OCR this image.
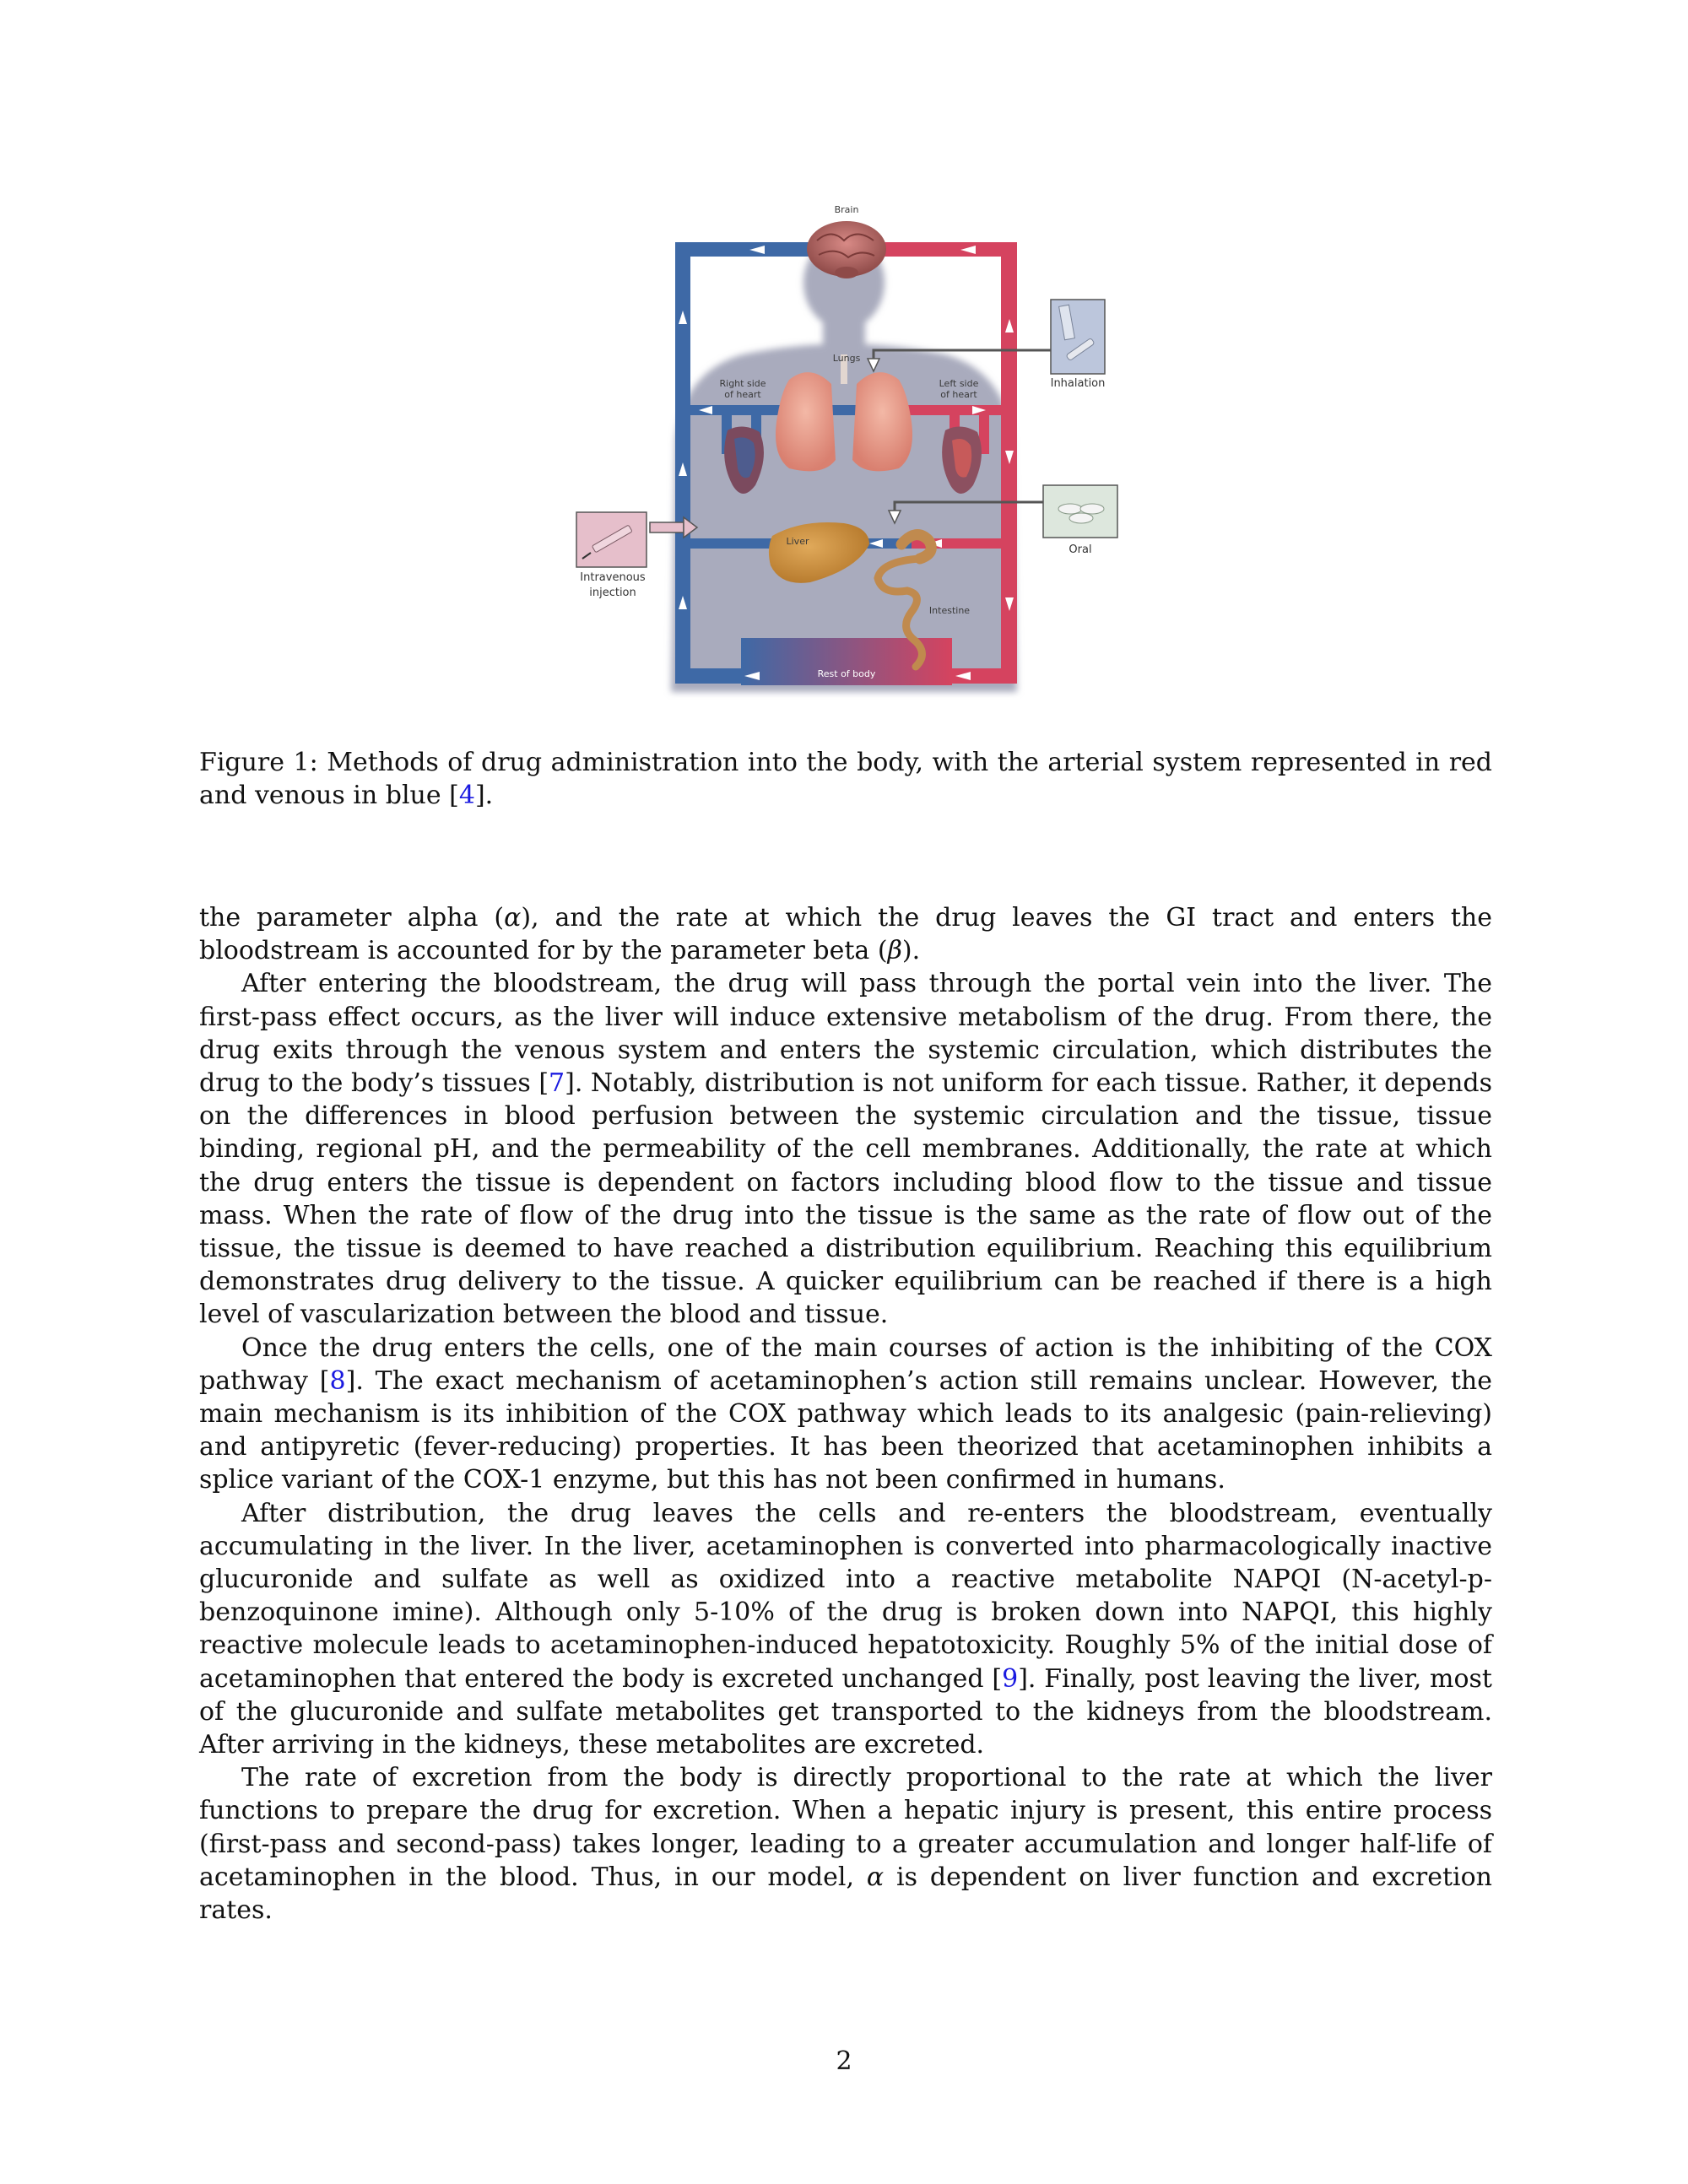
Rest of body
Brain
Lungs
Right side
of heart
Left side
of heart
Liver
Intestine
Inhalation
Oral
Intravenous
injection

Figure 1: Methods of drug administration into the body, with the arterial system represented in red and venous in blue [4].

the parameter alpha (α), and the rate at which the drug leaves the GI tract and enters the bloodstream is accounted for by the parameter beta (β).

After entering the bloodstream, the drug will pass through the portal vein into the liver. The first-pass effect occurs, as the liver will induce extensive metabolism of the drug. From there, the drug exits through the venous system and enters the systemic circulation, which distributes the drug to the body’s tissues [7]. Notably, distribution is not uniform for each tissue. Rather, it depends on the differences in blood perfusion between the systemic circulation and the tissue, tissue binding, regional pH, and the permeability of the cell membranes. Additionally, the rate at which the drug enters the tissue is dependent on factors including blood flow to the tissue and tissue mass. When the rate of flow of the drug into the tissue is the same as the rate of flow out of the tissue, the tissue is deemed to have reached a distribution equilibrium. Reaching this equilibrium demonstrates drug delivery to the tissue. A quicker equilibrium can be reached if there is a high level of vascularization between the blood and tissue.

Once the drug enters the cells, one of the main courses of action is the inhibiting of the COX pathway [8]. The exact mechanism of acetaminophen’s action still remains unclear. However, the main mechanism is its inhibition of the COX pathway which leads to its analgesic (pain-relieving) and antipyretic (fever-reducing) properties. It has been theorized that acetaminophen inhibits a splice variant of the COX-1 enzyme, but this has not been confirmed in humans.

After distribution, the drug leaves the cells and re-enters the bloodstream, eventually accumulating in the liver. In the liver, acetaminophen is converted into pharmacologically inactive glucuronide and sulfate as well as oxidized into a reactive metabolite NAPQI (N-acetyl-p-benzoquinone imine). Although only 5-10% of the drug is broken down into NAPQI, this highly reactive molecule leads to acetaminophen-induced hepatotoxicity. Roughly 5% of the initial dose of acetaminophen that entered the body is excreted unchanged [9]. Finally, post leaving the liver, most of the glucuronide and sulfate metabolites get transported to the kidneys from the bloodstream. After arriving in the kidneys, these metabolites are excreted.

The rate of excretion from the body is directly proportional to the rate at which the liver functions to prepare the drug for excretion. When a hepatic injury is present, this entire process (first-pass and second-pass) takes longer, leading to a greater accumulation and longer half-life of acetaminophen in the blood. Thus, in our model, α is dependent on liver function and excretion rates.

2
